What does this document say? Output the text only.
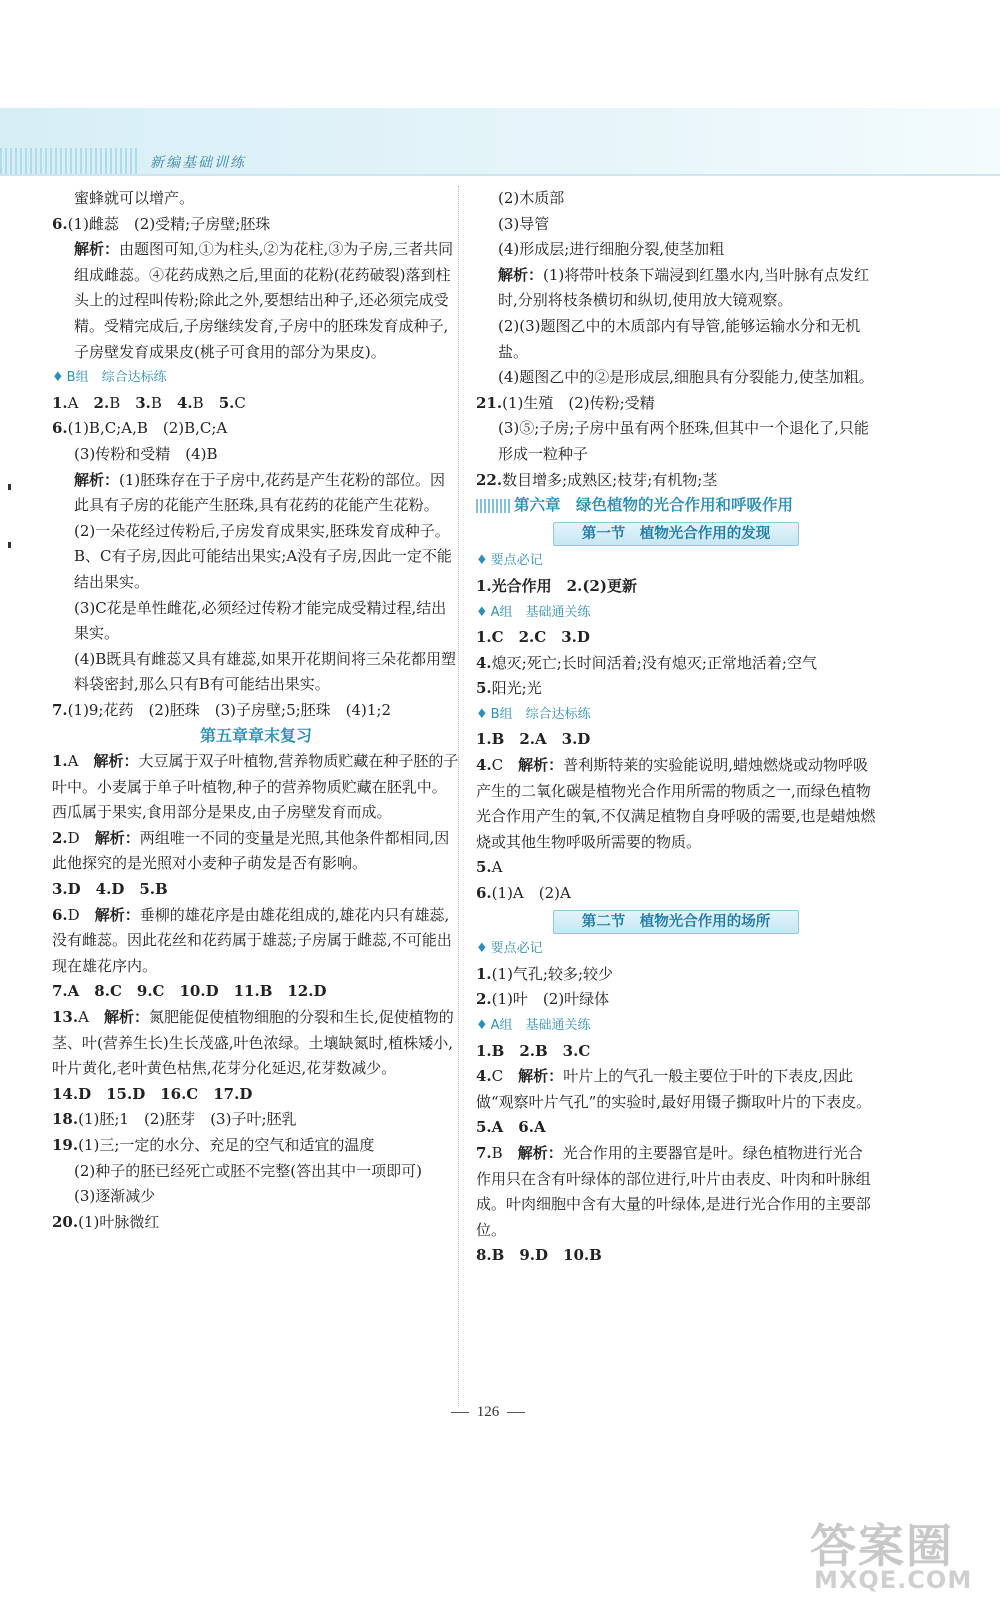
新编基础训练
蜜蜂就可以增产。
6.(1)雌蕊　(2)受精;子房壁;胚珠
解析：由题图可知,①为柱头,②为花柱,③为子房,三者共同组成雌蕊。④花药成熟之后,里面的花粉(花药破裂)落到柱头上的过程叫传粉;除此之外,要想结出种子,还必须完成受精。受精完成后,子房继续发育,子房中的胚珠发育成种子,子房壁发育成果皮(桃子可食用的部分为果皮)。
♦ B组　综合达标练
1.A　 2.B　 3.B　 4.B　 5.C
6.(1)B,C;A,B　(2)B,C;A
(3)传粉和受精　(4)B
解析：(1)胚珠存在于子房中,花药是产生花粉的部位。因此具有子房的花能产生胚珠,具有花药的花能产生花粉。
(2)一朵花经过传粉后,子房发育成果实,胚珠发育成种子。B、C有子房,因此可能结出果实;A没有子房,因此一定不能结出果实。
(3)C花是单性雌花,必须经过传粉才能完成受精过程,结出果实。
(4)B既具有雌蕊又具有雄蕊,如果开花期间将三朵花都用塑料袋密封,那么只有B有可能结出果实。
7.(1)9;花药　(2)胚珠　(3)子房壁;5;胚珠　(4)1;2
第五章章末复习
1.A　 解析：大豆属于双子叶植物,营养物质贮藏在种子胚的子叶中。小麦属于单子叶植物,种子的营养物质贮藏在胚乳中。西瓜属于果实,食用部分是果皮,由子房壁发育而成。
2.D　 解析：两组唯一不同的变量是光照,其他条件都相同,因此他探究的是光照对小麦种子萌发是否有影响。
3.D　4.D　5.B
6.D　 解析：垂柳的雄花序是由雄花组成的,雄花内只有雄蕊,没有雌蕊。因此花丝和花药属于雄蕊;子房属于雌蕊,不可能出现在雄花序内。
7.A　8.C　9.C　10.D　11.B　12.D
13.A　 解析：氮肥能促使植物细胞的分裂和生长,促使植物的茎、叶(营养生长)生长茂盛,叶色浓绿。土壤缺氮时,植株矮小,叶片黄化,老叶黄色枯焦,花芽分化延迟,花芽数减少。
14.D　15.D　16.C　17.D
18.(1)胚;1　(2)胚芽　(3)子叶;胚乳
19.(1)三;一定的水分、充足的空气和适宜的温度
(2)种子的胚已经死亡或胚不完整(答出其中一项即可)
(3)逐渐减少
20.(1)叶脉微红
(2)木质部
(3)导管
(4)形成层;进行细胞分裂,使茎加粗
解析：(1)将带叶枝条下端浸到红墨水内,当叶脉有点发红时,分别将枝条横切和纵切,使用放大镜观察。
(2)(3)题图乙中的木质部内有导管,能够运输水分和无机盐。
(4)题图乙中的②是形成层,细胞具有分裂能力,使茎加粗。
21.(1)生殖　(2)传粉;受精
(3)⑤;子房;子房中虽有两个胚珠,但其中一个退化了,只能形成一粒种子
22.数目增多;成熟区;枝芽;有机物;茎
第六章　绿色植物的光合作用和呼吸作用
第一节　植物光合作用的发现
♦ 要点必记
1.光合作用　2.(2)更新
♦ A组　基础通关练
1.C　2.C　3.D
4.熄灭;死亡;长时间活着;没有熄灭;正常地活着;空气
5.阳光;光
♦ B组　综合达标练
1.B　2.A　3.D
4.C　 解析：普利斯特莱的实验能说明,蜡烛燃烧或动物呼吸产生的二氧化碳是植物光合作用所需的物质之一,而绿色植物光合作用产生的氧,不仅满足植物自身呼吸的需要,也是蜡烛燃烧或其他生物呼吸所需要的物质。
5.A
6.(1)A　(2)A
第二节　植物光合作用的场所
♦ 要点必记
1.(1)气孔;较多;较少
2.(1)叶　(2)叶绿体
♦ A组　基础通关练
1.B　2.B　3.C
4.C　 解析：叶片上的气孔一般主要位于叶的下表皮,因此做“观察叶片气孔”的实验时,最好用镊子撕取叶片的下表皮。
5.A　6.A
7.B　 解析：光合作用的主要器官是叶。绿色植物进行光合作用只在含有叶绿体的部位进行,叶片由表皮、叶肉和叶脉组成。叶肉细胞中含有大量的叶绿体,是进行光合作用的主要部位。
8.B　9.D　10.B
126
答案圈
MXQE.COM
